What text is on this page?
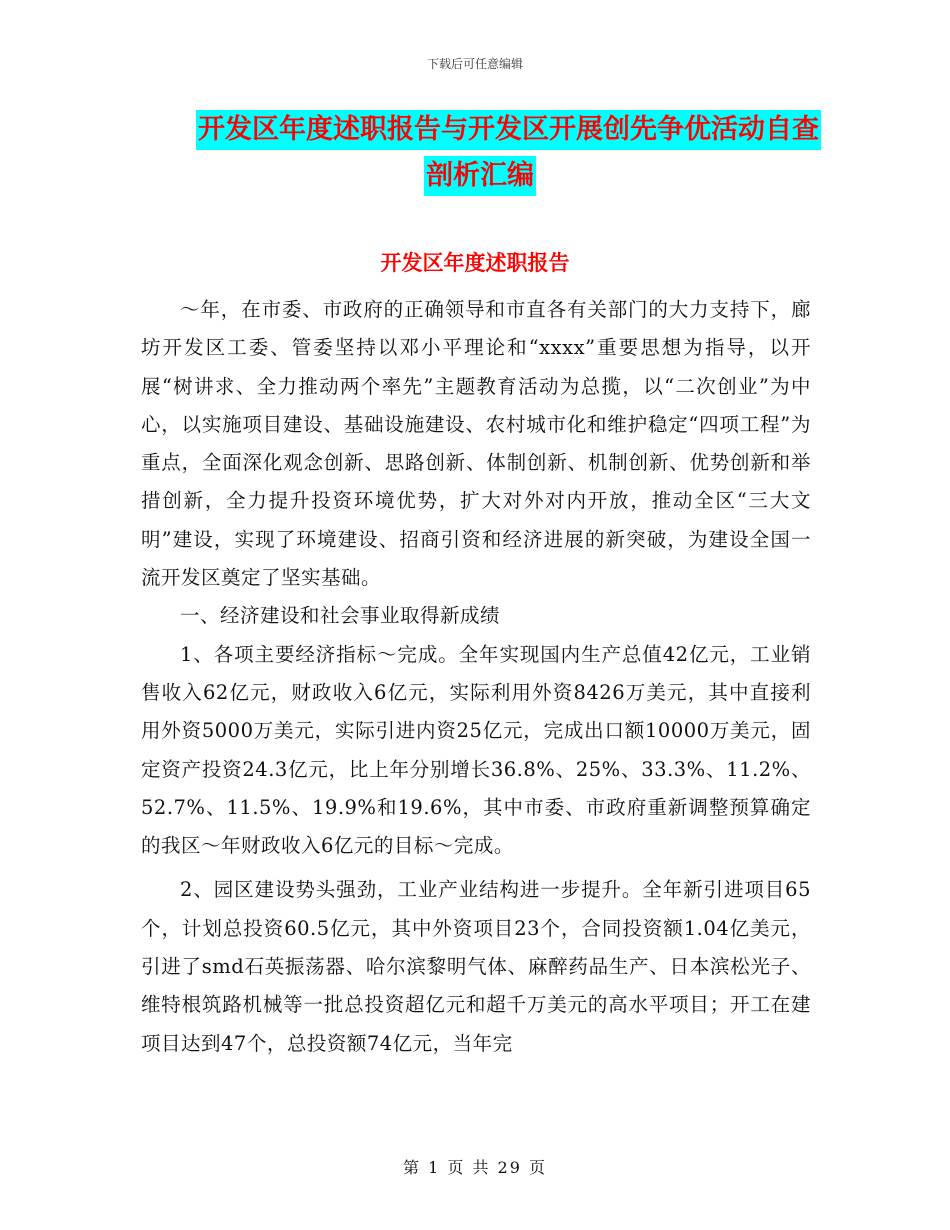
下载后可任意编辑
开发区年度述职报告与开发区开展创先争优活动自查
剖析汇编
开发区年度述职报告

～年，在市委、市政府的正确领导和市直各有关部门的大力支持下，廊坊开发区工委、管委坚持以邓小平理论和“xxxx”重要思想为指导，以开展“树讲求、全力推动两个率先”主题教育活动为总揽，以“二次创业”为中心，以实施项目建设、基础设施建设、农村城市化和维护稳定“四项工程”为重点，全面深化观念创新、思路创新、体制创新、机制创新、优势创新和举措创新，全力提升投资环境优势，扩大对外对内开放，推动全区“三大文明”建设，实现了环境建设、招商引资和经济进展的新突破，为建设全国一流开发区奠定了坚实基础。

一、经济建设和社会事业取得新成绩

1、各项主要经济指标～完成。全年实现国内生产总值42亿元，工业销售收入62亿元，财政收入6亿元，实际利用外资8426万美元，其中直接利用外资5000万美元，实际引进内资25亿元，完成出口额10000万美元，固定资产投资24.3亿元，比上年分别增长36.8%、25%、33.3%、11.2%、52.7%、11.5%、19.9%和19.6%，其中市委、市政府重新调整预算确定的我区～年财政收入6亿元的目标～完成。

2、园区建设势头强劲，工业产业结构进一步提升。全年新引进项目65个，计划总投资60.5亿元，其中外资项目23个，合同投资额1.04亿美元，引进了smd石英振荡器、哈尔滨黎明气体、麻醉药品生产、日本滨松光子、维特根筑路机械等一批总投资超亿元和超千万美元的高水平项目；开工在建项目达到47个，总投资额74亿元，当年完

第 1 页 共 29 页
